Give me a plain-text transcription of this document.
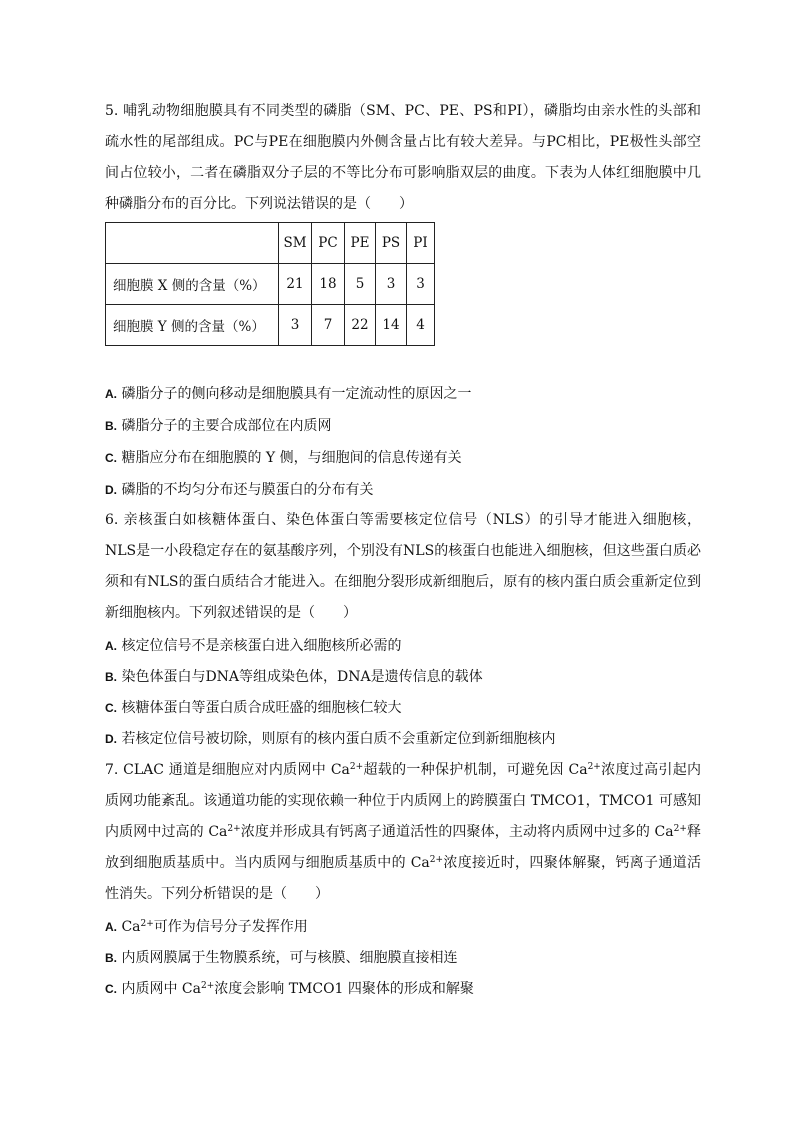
5. 哺乳动物细胞膜具有不同类型的磷脂（SM、PC、PE、PS和PI），磷脂均由亲水性的头部和疏水性的尾部组成。PC与PE在细胞膜内外侧含量占比有较大差异。与PC相比，PE极性头部空间占位较小，二者在磷脂双分子层的不等比分布可影响脂双层的曲度。下表为人体红细胞膜中几种磷脂分布的百分比。下列说法错误的是（　　）

	SM	PC	PE	PS	PI
细胞膜 X 侧的含量（%）	21	18	5	3	3
细胞膜 Y 侧的含量（%）	3	7	22	14	4
A. 磷脂分子的侧向移动是细胞膜具有一定流动性的原因之一
B. 磷脂分子的主要合成部位在内质网
C. 糖脂应分布在细胞膜的 Y 侧，与细胞间的信息传递有关
D. 磷脂的不均匀分布还与膜蛋白的分布有关

6. 亲核蛋白如核糖体蛋白、染色体蛋白等需要核定位信号（NLS）的引导才能进入细胞核，NLS是一小段稳定存在的氨基酸序列，个别没有NLS的核蛋白也能进入细胞核，但这些蛋白质必须和有NLS的蛋白质结合才能进入。在细胞分裂形成新细胞后，原有的核内蛋白质会重新定位到新细胞核内。下列叙述错误的是（　　）

A. 核定位信号不是亲核蛋白进入细胞核所必需的
B. 染色体蛋白与DNA等组成染色体，DNA是遗传信息的载体
C. 核糖体蛋白等蛋白质合成旺盛的细胞核仁较大
D. 若核定位信号被切除，则原有的核内蛋白质不会重新定位到新细胞核内

7. CLAC 通道是细胞应对内质网中 $Ca^{2+}$超载的一种保护机制，可避免因 $Ca^{2+}$浓度过高引起内质网功能紊乱。该通道功能的实现依赖一种位于内质网上的跨膜蛋白 TMCO1，TMCO1 可感知内质网中过高的 $Ca^{2+}$浓度并形成具有钙离子通道活性的四聚体，主动将内质网中过多的 $Ca^{2+}$释放到细胞质基质中。当内质网与细胞质基质中的 $Ca^{2+}$浓度接近时，四聚体解聚，钙离子通道活性消失。下列分析错误的是（　　）

A. $Ca^{2+}$可作为信号分子发挥作用
B. 内质网膜属于生物膜系统，可与核膜、细胞膜直接相连
C. 内质网中 $Ca^{2+}$浓度会影响 TMCO1 四聚体的形成和解聚
